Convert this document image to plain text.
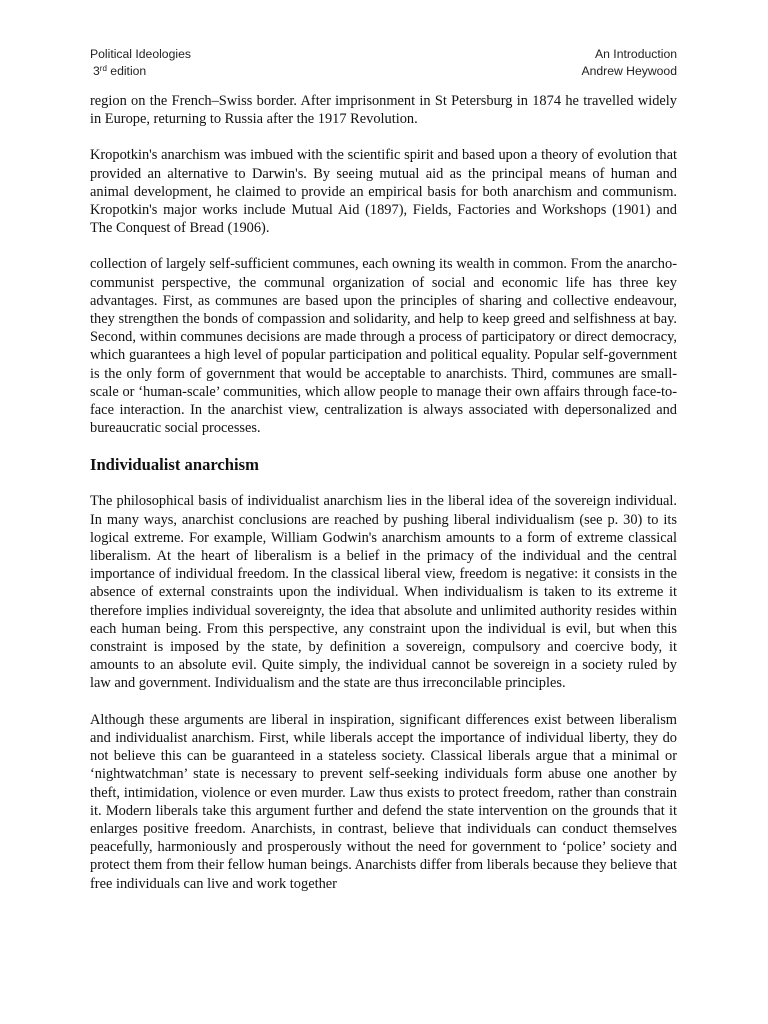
Political Ideologies
3rd edition
An Introduction
Andrew Heywood

region on the French–Swiss border. After imprisonment in St Petersburg in 1874 he travelled widely in Europe, returning to Russia after the 1917 Revolution.

Kropotkin's anarchism was imbued with the scientific spirit and based upon a theory of evolution that provided an alternative to Darwin's. By seeing mutual aid as the principal means of human and animal development, he claimed to provide an empirical basis for both anarchism and communism. Kropotkin's major works include Mutual Aid (1897), Fields, Factories and Workshops (1901) and The Conquest of Bread (1906).

collection of largely self-sufficient communes, each owning its wealth in common. From the anarcho-communist perspective, the communal organization of social and economic life has three key advantages. First, as communes are based upon the principles of sharing and collective endeavour, they strengthen the bonds of compassion and solidarity, and help to keep greed and selfishness at bay. Second, within communes decisions are made through a process of participatory or direct democracy, which guarantees a high level of popular participation and political equality. Popular self-government is the only form of government that would be acceptable to anarchists. Third, communes are small-scale or ‘human-scale’ communities, which allow people to manage their own affairs through face-to-face interaction. In the anarchist view, centralization is always associated with depersonalized and bureaucratic social processes.

Individualist anarchism

The philosophical basis of individualist anarchism lies in the liberal idea of the sovereign individual. In many ways, anarchist conclusions are reached by pushing liberal individualism (see p. 30) to its logical extreme. For example, William Godwin's anarchism amounts to a form of extreme classical liberalism. At the heart of liberalism is a belief in the primacy of the individual and the central importance of individual freedom. In the classical liberal view, freedom is negative: it consists in the absence of external constraints upon the individual. When individualism is taken to its extreme it therefore implies individual sovereignty, the idea that absolute and unlimited authority resides within each human being. From this perspective, any constraint upon the individual is evil, but when this constraint is imposed by the state, by definition a sovereign, compulsory and coercive body, it amounts to an absolute evil. Quite simply, the individual cannot be sovereign in a society ruled by law and government. Individualism and the state are thus irreconcilable principles.

Although these arguments are liberal in inspiration, significant differences exist between liberalism and individualist anarchism. First, while liberals accept the importance of individual liberty, they do not believe this can be guaranteed in a stateless society. Classical liberals argue that a minimal or ‘nightwatchman’ state is necessary to prevent self-seeking individuals form abuse one another by theft, intimidation, violence or even murder. Law thus exists to protect freedom, rather than constrain it. Modern liberals take this argument further and defend the state intervention on the grounds that it enlarges positive freedom. Anarchists, in contrast, believe that individuals can conduct themselves peacefully, harmoniously and prosperously without the need for government to ‘police’ society and protect them from their fellow human beings. Anarchists differ from liberals because they believe that free individuals can live and work together
